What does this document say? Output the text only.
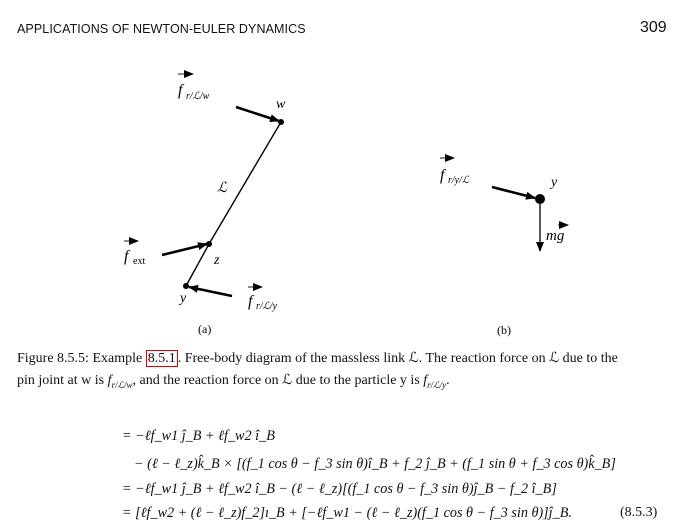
APPLICATIONS OF NEWTON-EULER DYNAMICS	309
w
z
y
ℒ
(a)
f r/ℒ/w
f ext
f r/ℒ/y
y
(b)
f r/y/ℒ
mg
Figure 8.5.5: Example 8.5.1 . Free-body diagram of the massless link ℒ. The reaction force on ℒ due to the
pin joint at w is $f_{r/ℒ/w}$, and the reaction force on ℒ due to the particle y is $f_{r/ℒ/y}$.
= −ℓf_w1 ĵ_B + ℓf_w2 î_B
− (ℓ − ℓ_z)k̂_B × [(f_1 cos θ − f_3 sin θ)î_B + f_2 ĵ_B + (f_1 sin θ + f_3 cos θ)k̂_B]
= −ℓf_w1 ĵ_B + ℓf_w2 î_B − (ℓ − ℓ_z)[(f_1 cos θ − f_3 sin θ)ĵ_B − f_2 î_B]
= [ℓf_w2 + (ℓ − ℓ_z)f_2]ı_B + [−ℓf_w1 − (ℓ − ℓ_z)(f_1 cos θ − f_3 sin θ)]ĵ_B.	(8.5.3)
